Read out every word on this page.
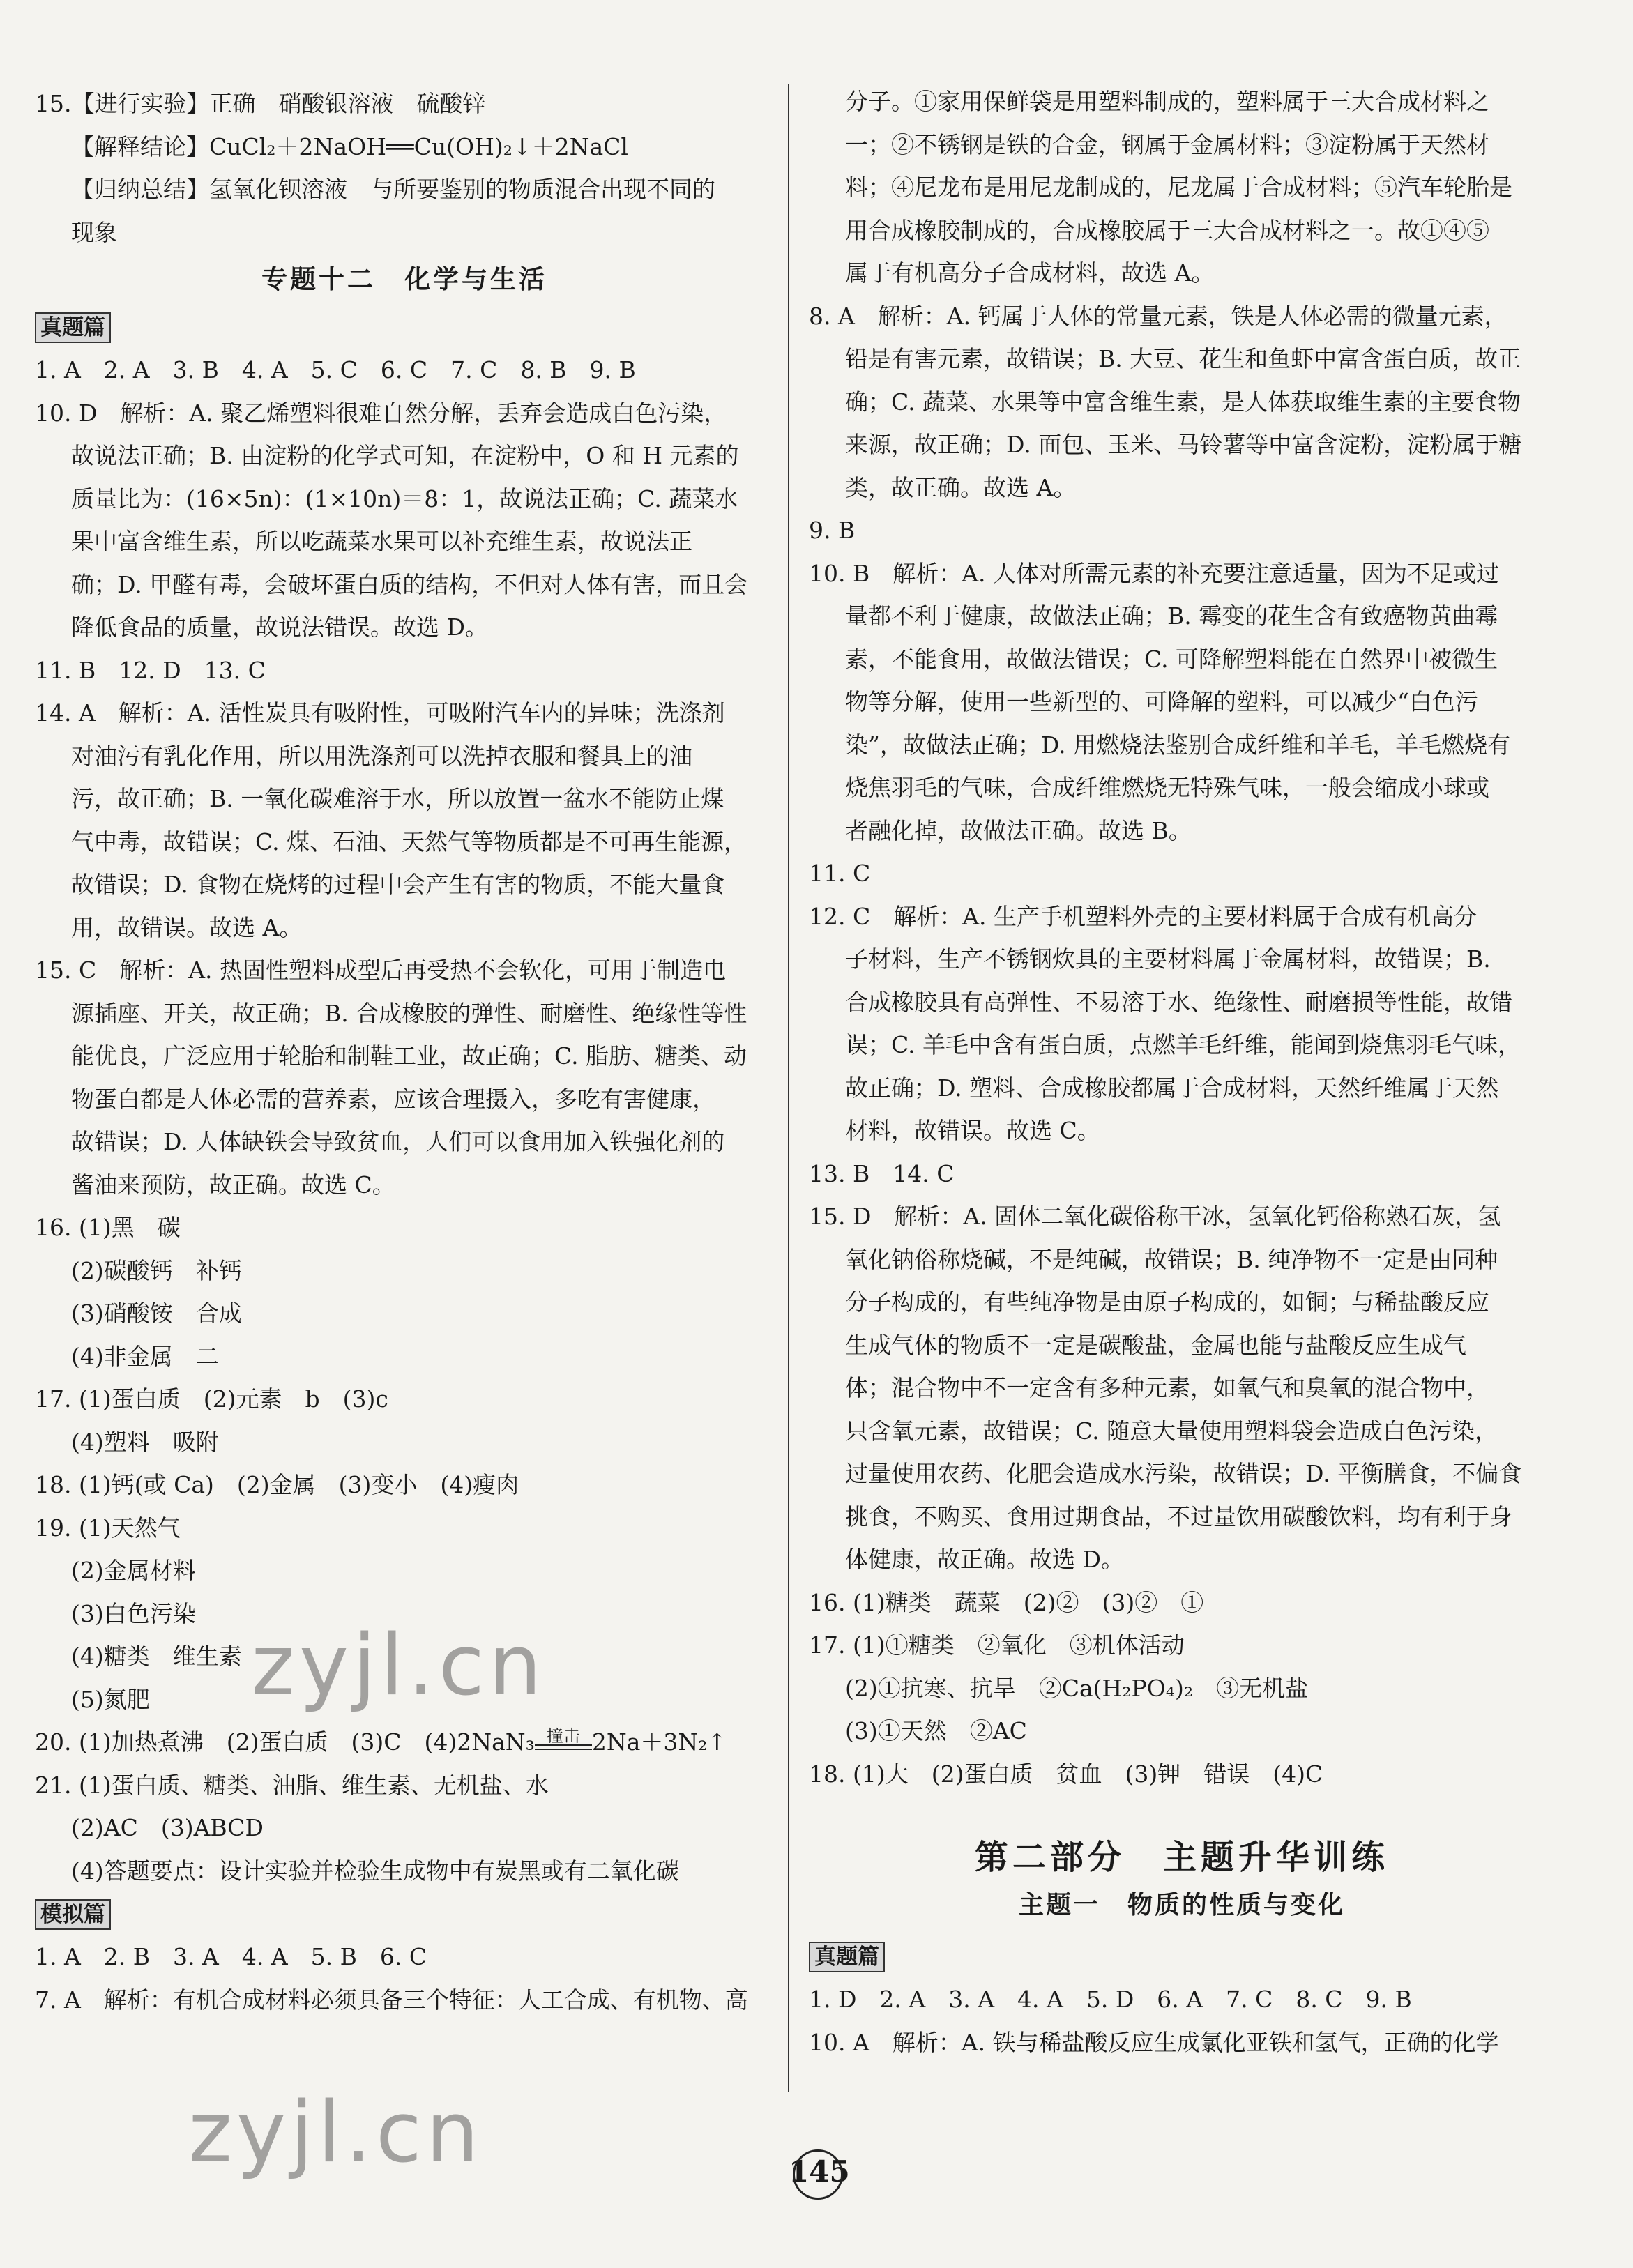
15.【进行实验】正确　硝酸银溶液　硫酸锌
【解释结论】CuCl₂＋2NaOH══Cu(OH)₂↓＋2NaCl
【归纳总结】氢氧化钡溶液　与所要鉴别的物质混合出现不同的
现象
专题十二　化学与生活
真题篇
1. A　2. A　3. B　4. A　5. C　6. C　7. C　8. B　9. B
10. D　解析：A. 聚乙烯塑料很难自然分解，丢弃会造成白色污染，
故说法正确；B. 由淀粉的化学式可知，在淀粉中，O 和 H 元素的
质量比为：(16×5n)：(1×10n)＝8：1，故说法正确；C. 蔬菜水
果中富含维生素，所以吃蔬菜水果可以补充维生素，故说法正
确；D. 甲醛有毒，会破坏蛋白质的结构，不但对人体有害，而且会
降低食品的质量，故说法错误。故选 D。
11. B　12. D　13. C
14. A　解析：A. 活性炭具有吸附性，可吸附汽车内的异味；洗涤剂
对油污有乳化作用，所以用洗涤剂可以洗掉衣服和餐具上的油
污，故正确；B. 一氧化碳难溶于水，所以放置一盆水不能防止煤
气中毒，故错误；C. 煤、石油、天然气等物质都是不可再生能源，
故错误；D. 食物在烧烤的过程中会产生有害的物质，不能大量食
用，故错误。故选 A。
15. C　解析：A. 热固性塑料成型后再受热不会软化，可用于制造电
源插座、开关，故正确；B. 合成橡胶的弹性、耐磨性、绝缘性等性
能优良，广泛应用于轮胎和制鞋工业，故正确；C. 脂肪、糖类、动
物蛋白都是人体必需的营养素，应该合理摄入，多吃有害健康，
故错误；D. 人体缺铁会导致贫血，人们可以食用加入铁强化剂的
酱油来预防，故正确。故选 C。
16. (1)黑　碳
(2)碳酸钙　补钙
(3)硝酸铵　合成
(4)非金属　二
17. (1)蛋白质　(2)元素　b　(3)c
(4)塑料　吸附
18. (1)钙(或 Ca)　(2)金属　(3)变小　(4)瘦肉
19. (1)天然气
(2)金属材料
(3)白色污染
(4)糖类　维生素
(5)氮肥
20. (1)加热煮沸　(2)蛋白质　(3)C　(4)2NaN₃ 撞击 2Na＋3N₂↑
21. (1)蛋白质、糖类、油脂、维生素、无机盐、水
(2)AC　(3)ABCD
(4)答题要点：设计实验并检验生成物中有炭黑或有二氧化碳
模拟篇
1. A　2. B　3. A　4. A　5. B　6. C
7. A　解析：有机合成材料必须具备三个特征：人工合成、有机物、高
分子。①家用保鲜袋是用塑料制成的，塑料属于三大合成材料之
一；②不锈钢是铁的合金，钢属于金属材料；③淀粉属于天然材
料；④尼龙布是用尼龙制成的，尼龙属于合成材料；⑤汽车轮胎是
用合成橡胶制成的，合成橡胶属于三大合成材料之一。故①④⑤
属于有机高分子合成材料，故选 A。
8. A　解析：A. 钙属于人体的常量元素，铁是人体必需的微量元素，
铅是有害元素，故错误；B. 大豆、花生和鱼虾中富含蛋白质，故正
确；C. 蔬菜、水果等中富含维生素，是人体获取维生素的主要食物
来源，故正确；D. 面包、玉米、马铃薯等中富含淀粉，淀粉属于糖
类，故正确。故选 A。
9. B
10. B　解析：A. 人体对所需元素的补充要注意适量，因为不足或过
量都不利于健康，故做法正确；B. 霉变的花生含有致癌物黄曲霉
素，不能食用，故做法错误；C. 可降解塑料能在自然界中被微生
物等分解，使用一些新型的、可降解的塑料，可以减少“白色污
染”，故做法正确；D. 用燃烧法鉴别合成纤维和羊毛，羊毛燃烧有
烧焦羽毛的气味，合成纤维燃烧无特殊气味，一般会缩成小球或
者融化掉，故做法正确。故选 B。
11. C
12. C　解析：A. 生产手机塑料外壳的主要材料属于合成有机高分
子材料，生产不锈钢炊具的主要材料属于金属材料，故错误；B.
合成橡胶具有高弹性、不易溶于水、绝缘性、耐磨损等性能，故错
误；C. 羊毛中含有蛋白质，点燃羊毛纤维，能闻到烧焦羽毛气味，
故正确；D. 塑料、合成橡胶都属于合成材料，天然纤维属于天然
材料，故错误。故选 C。
13. B　14. C
15. D　解析：A. 固体二氧化碳俗称干冰，氢氧化钙俗称熟石灰，氢
氧化钠俗称烧碱，不是纯碱，故错误；B. 纯净物不一定是由同种
分子构成的，有些纯净物是由原子构成的，如铜；与稀盐酸反应
生成气体的物质不一定是碳酸盐，金属也能与盐酸反应生成气
体；混合物中不一定含有多种元素，如氧气和臭氧的混合物中，
只含氧元素，故错误；C. 随意大量使用塑料袋会造成白色污染，
过量使用农药、化肥会造成水污染，故错误；D. 平衡膳食，不偏食
挑食，不购买、食用过期食品，不过量饮用碳酸饮料，均有利于身
体健康，故正确。故选 D。
16. (1)糖类　蔬菜　(2)②　(3)②　①
17. (1)①糖类　②氧化　③机体活动
(2)①抗寒、抗旱　②Ca(H₂PO₄)₂　③无机盐
(3)①天然　②AC
18. (1)大　(2)蛋白质　贫血　(3)钾　错误　(4)C
第二部分　主题升华训练
主题一　物质的性质与变化
真题篇
1. D　2. A　3. A　4. A　5. D　6. A　7. C　8. C　9. B
10. A　解析：A. 铁与稀盐酸反应生成氯化亚铁和氢气，正确的化学
zyjl.cn
zyjl.cn	145
